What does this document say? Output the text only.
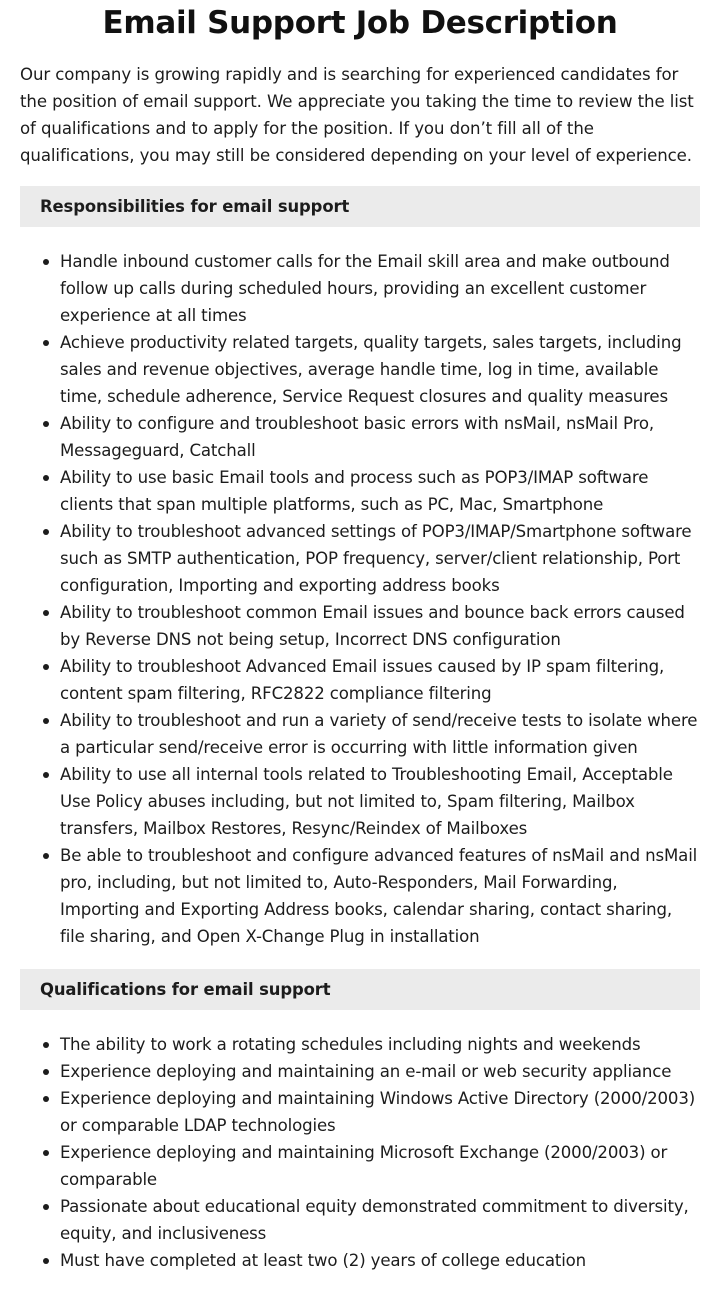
Email Support Job Description

Our company is growing rapidly and is searching for experienced candidates for the position of email support. We appreciate you taking the time to review the list of qualifications and to apply for the position. If you don’t fill all of the qualifications, you may still be considered depending on your level of experience.

Responsibilities for email support
Handle inbound customer calls for the Email skill area and make outbound follow up calls during scheduled hours, providing an excellent customer experience at all times
Achieve productivity related targets, quality targets, sales targets, including sales and revenue objectives, average handle time, log in time, available time, schedule adherence, Service Request closures and quality measures
Ability to configure and troubleshoot basic errors with nsMail, nsMail Pro, Messageguard, Catchall
Ability to use basic Email tools and process such as POP3/IMAP software clients that span multiple platforms, such as PC, Mac, Smartphone
Ability to troubleshoot advanced settings of POP3/IMAP/Smartphone software such as SMTP authentication, POP frequency, server/client relationship, Port configuration, Importing and exporting address books
Ability to troubleshoot common Email issues and bounce back errors caused by Reverse DNS not being setup, Incorrect DNS configuration
Ability to troubleshoot Advanced Email issues caused by IP spam filtering, content spam filtering, RFC2822 compliance filtering
Ability to troubleshoot and run a variety of send/receive tests to isolate where a particular send/receive error is occurring with little information given
Ability to use all internal tools related to Troubleshooting Email, Acceptable Use Policy abuses including, but not limited to, Spam filtering, Mailbox transfers, Mailbox Restores, Resync/Reindex of Mailboxes
Be able to troubleshoot and configure advanced features of nsMail and nsMail pro, including, but not limited to, Auto-Responders, Mail Forwarding, Importing and Exporting Address books, calendar sharing, contact sharing, file sharing, and Open X-Change Plug in installation
Qualifications for email support
The ability to work a rotating schedules including nights and weekends
Experience deploying and maintaining an e-mail or web security appliance
Experience deploying and maintaining Windows Active Directory (2000/2003) or comparable LDAP technologies
Experience deploying and maintaining Microsoft Exchange (2000/2003) or comparable
Passionate about educational equity demonstrated commitment to diversity, equity, and inclusiveness
Must have completed at least two (2) years of college education
